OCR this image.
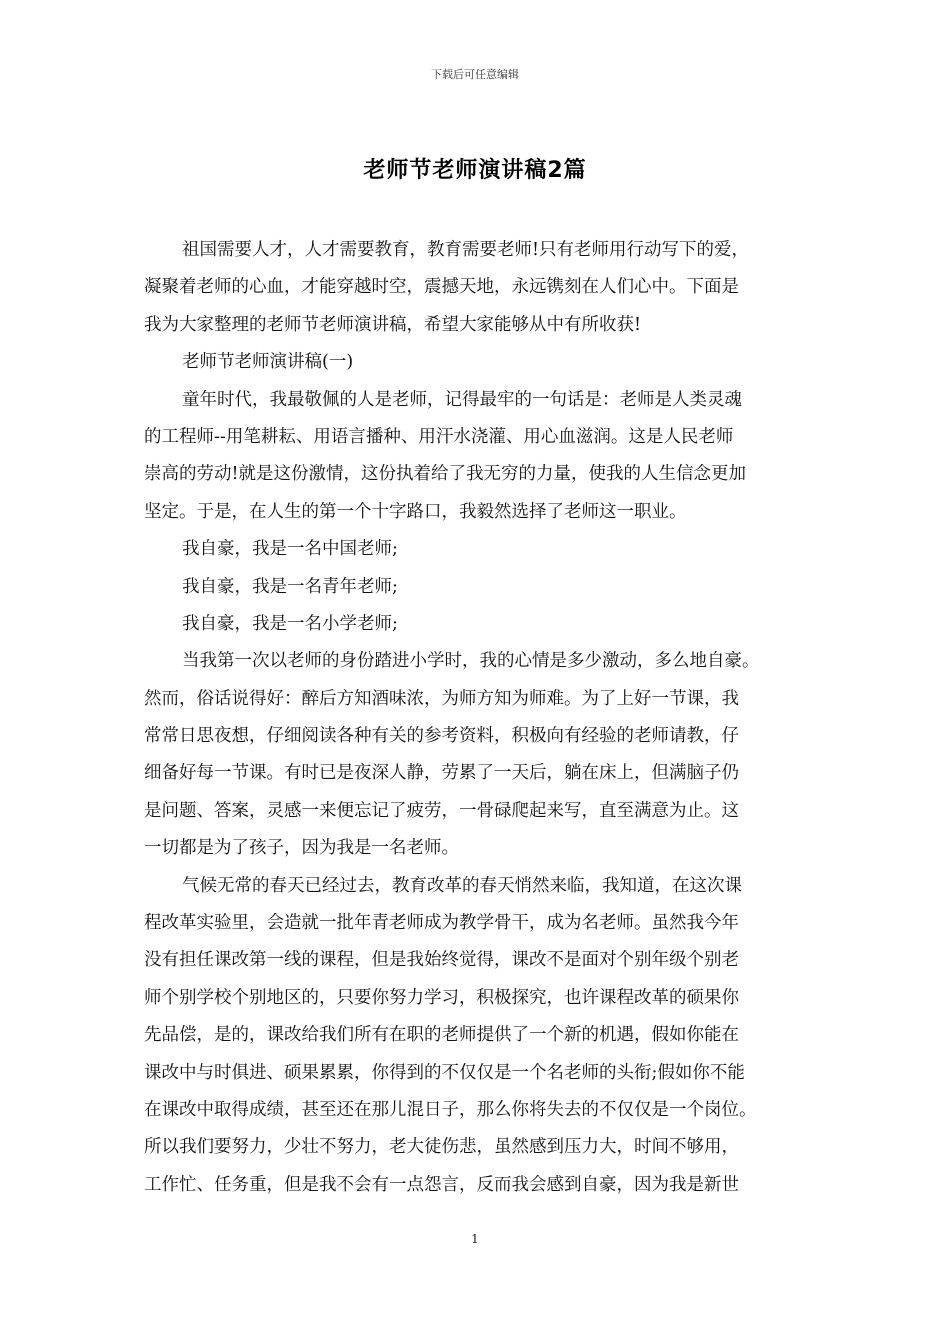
下载后可任意编辑
老师节老师演讲稿2篇
祖国需要人才，人才需要教育，教育需要老师!只有老师用行动写下的爱，
凝聚着老师的心血，才能穿越时空，震撼天地，永远镌刻在人们心中。下面是
我为大家整理的老师节老师演讲稿，希望大家能够从中有所收获!
老师节老师演讲稿(一)
童年时代，我最敬佩的人是老师，记得最牢的一句话是：老师是人类灵魂
的工程师--用笔耕耘、用语言播种、用汗水浇灌、用心血滋润。这是人民老师
崇高的劳动!就是这份激情，这份执着给了我无穷的力量，使我的人生信念更加
坚定。于是，在人生的第一个十字路口，我毅然选择了老师这一职业。
我自豪，我是一名中国老师;
我自豪，我是一名青年老师;
我自豪，我是一名小学老师;
当我第一次以老师的身份踏进小学时，我的心情是多少激动，多么地自豪。
然而，俗话说得好：醉后方知酒味浓，为师方知为师难。为了上好一节课，我
常常日思夜想，仔细阅读各种有关的参考资料，积极向有经验的老师请教，仔
细备好每一节课。有时已是夜深人静，劳累了一天后，躺在床上，但满脑子仍
是问题、答案，灵感一来便忘记了疲劳，一骨碌爬起来写，直至满意为止。这
一切都是为了孩子，因为我是一名老师。
气候无常的春天已经过去，教育改革的春天悄然来临，我知道，在这次课
程改革实验里，会造就一批年青老师成为教学骨干，成为名老师。虽然我今年
没有担任课改第一线的课程，但是我始终觉得，课改不是面对个别年级个别老
师个别学校个别地区的，只要你努力学习，积极探究，也许课程改革的硕果你
先品偿，是的，课改给我们所有在职的老师提供了一个新的机遇，假如你能在
课改中与时俱进、硕果累累，你得到的不仅仅是一个名老师的头衔;假如你不能
在课改中取得成绩，甚至还在那儿混日子，那么你将失去的不仅仅是一个岗位。
所以我们要努力，少壮不努力，老大徒伤悲，虽然感到压力大，时间不够用，
工作忙、任务重，但是我不会有一点怨言，反而我会感到自豪，因为我是新世
1
